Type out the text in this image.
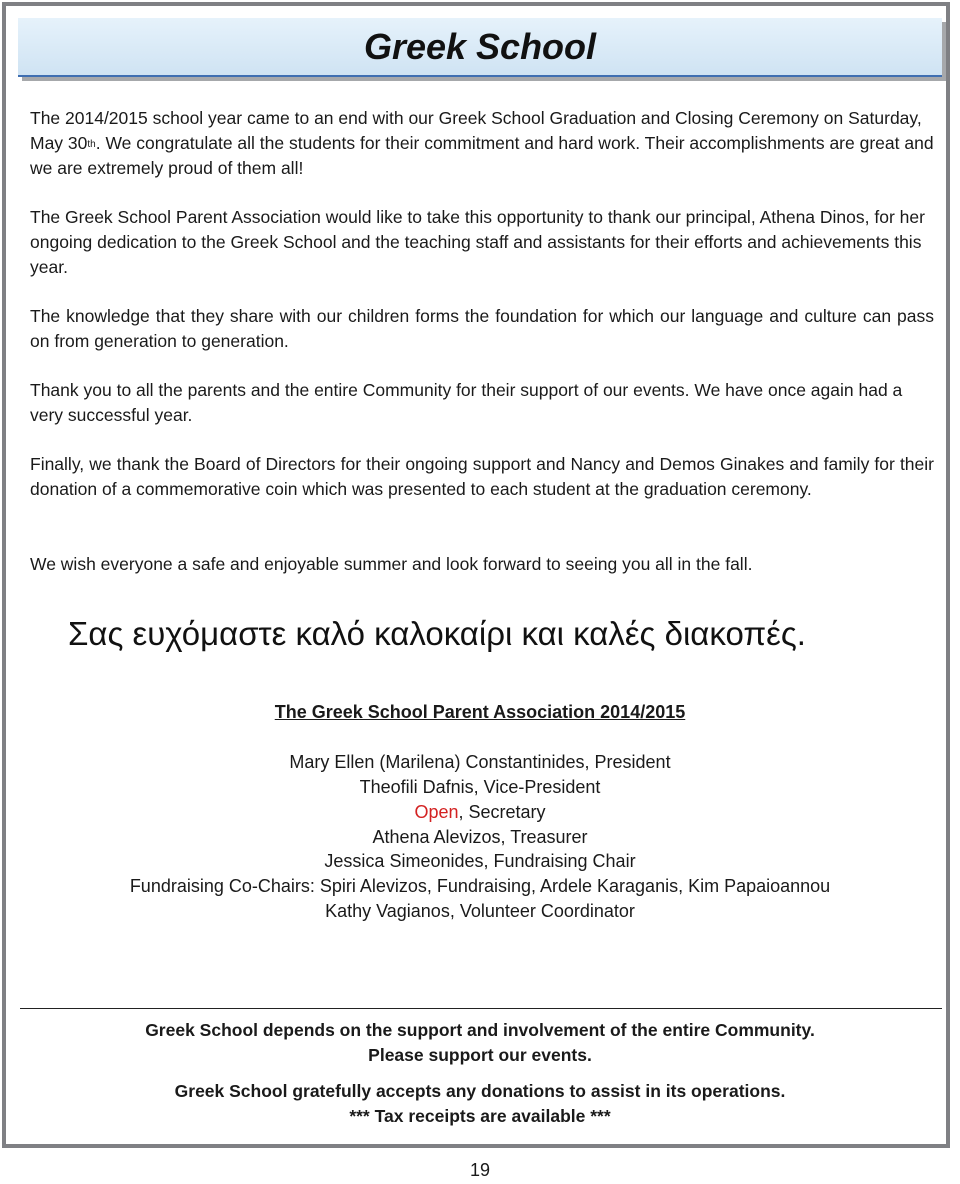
Greek School

The 2014/2015 school year came to an end with our Greek School Graduation and Closing Ceremony on Saturday, May 30th. We congratulate all the students for their commitment and hard work. Their accomplishments are great and we are extremely proud of them all!

The Greek School Parent Association would like to take this opportunity to thank our principal, Athena Dinos, for her ongoing dedication to the Greek School and the teaching staff and assistants for their efforts and achievements this year.

The knowledge that they share with our children forms the foundation for which our language and culture can pass on from generation to generation.

Thank you to all the parents and the entire Community for their support of our events. We have once again had a very successful year.

Finally, we thank the Board of Directors for their ongoing support and Nancy and Demos Ginakes and family for their donation of a commemorative coin which was presented to each student at the graduation ceremony.

We wish everyone a safe and enjoyable summer and look forward to seeing you all in the fall.

Σας ευχόμαστε καλό καλοκαίρι και καλές διακοπές.
The Greek School Parent Association 2014/2015
Mary Ellen (Marilena) Constantinides, President
Theofili Dafnis, Vice-President
Open, Secretary
Athena Alevizos, Treasurer
Jessica Simeonides, Fundraising Chair
Fundraising Co-Chairs: Spiri Alevizos, Fundraising, Ardele Karaganis, Kim Papaioannou
Kathy Vagianos, Volunteer Coordinator
Greek School depends on the support and involvement of the entire Community.
Please support our events.
Greek School gratefully accepts any donations to assist in its operations.
*** Tax receipts are available ***
19
